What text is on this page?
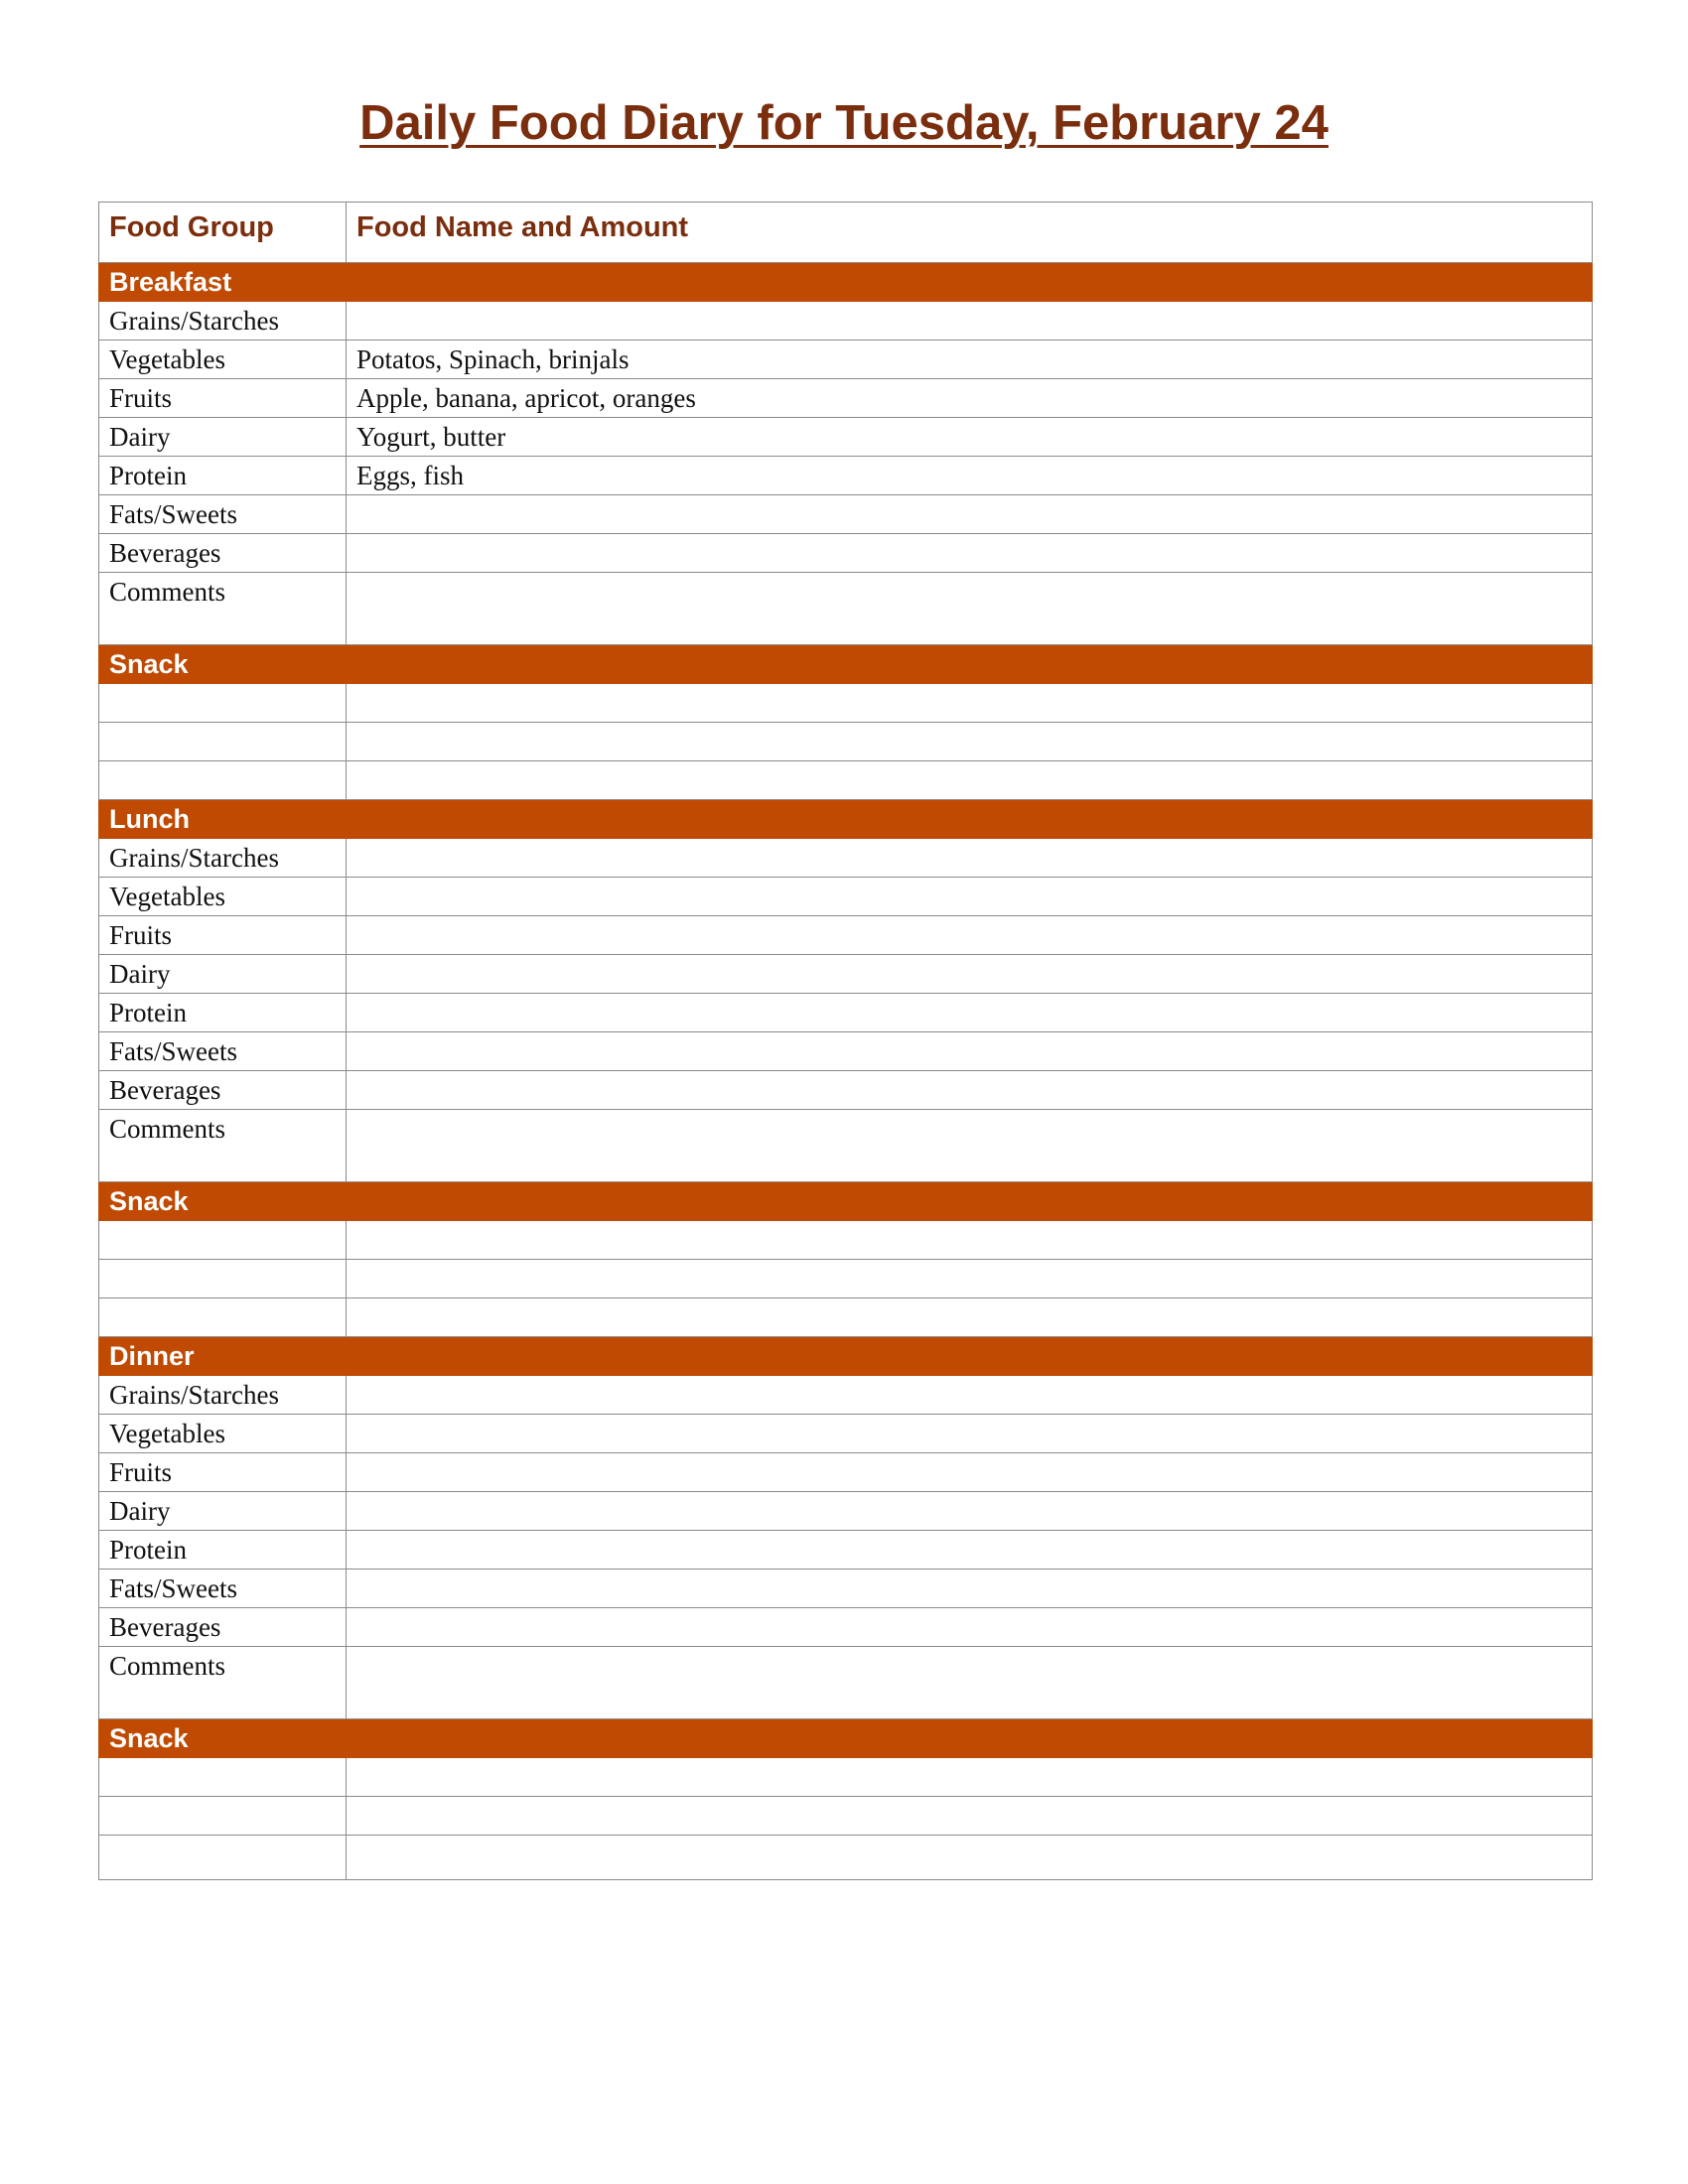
Daily Food Diary for Tuesday, February 24
Food Group	Food Name and Amount
Breakfast	
Grains/Starches	
Vegetables	Potatos, Spinach, brinjals
Fruits	Apple, banana, apricot, oranges
Dairy	Yogurt, butter
Protein	Eggs, fish
Fats/Sweets	
Beverages	
Comments	
Snack	

Lunch	
Grains/Starches	
Vegetables	
Fruits	
Dairy	
Protein	
Fats/Sweets	
Beverages	
Comments	
Snack	

Dinner	
Grains/Starches	
Vegetables	
Fruits	
Dairy	
Protein	
Fats/Sweets	
Beverages	
Comments	
Snack	
